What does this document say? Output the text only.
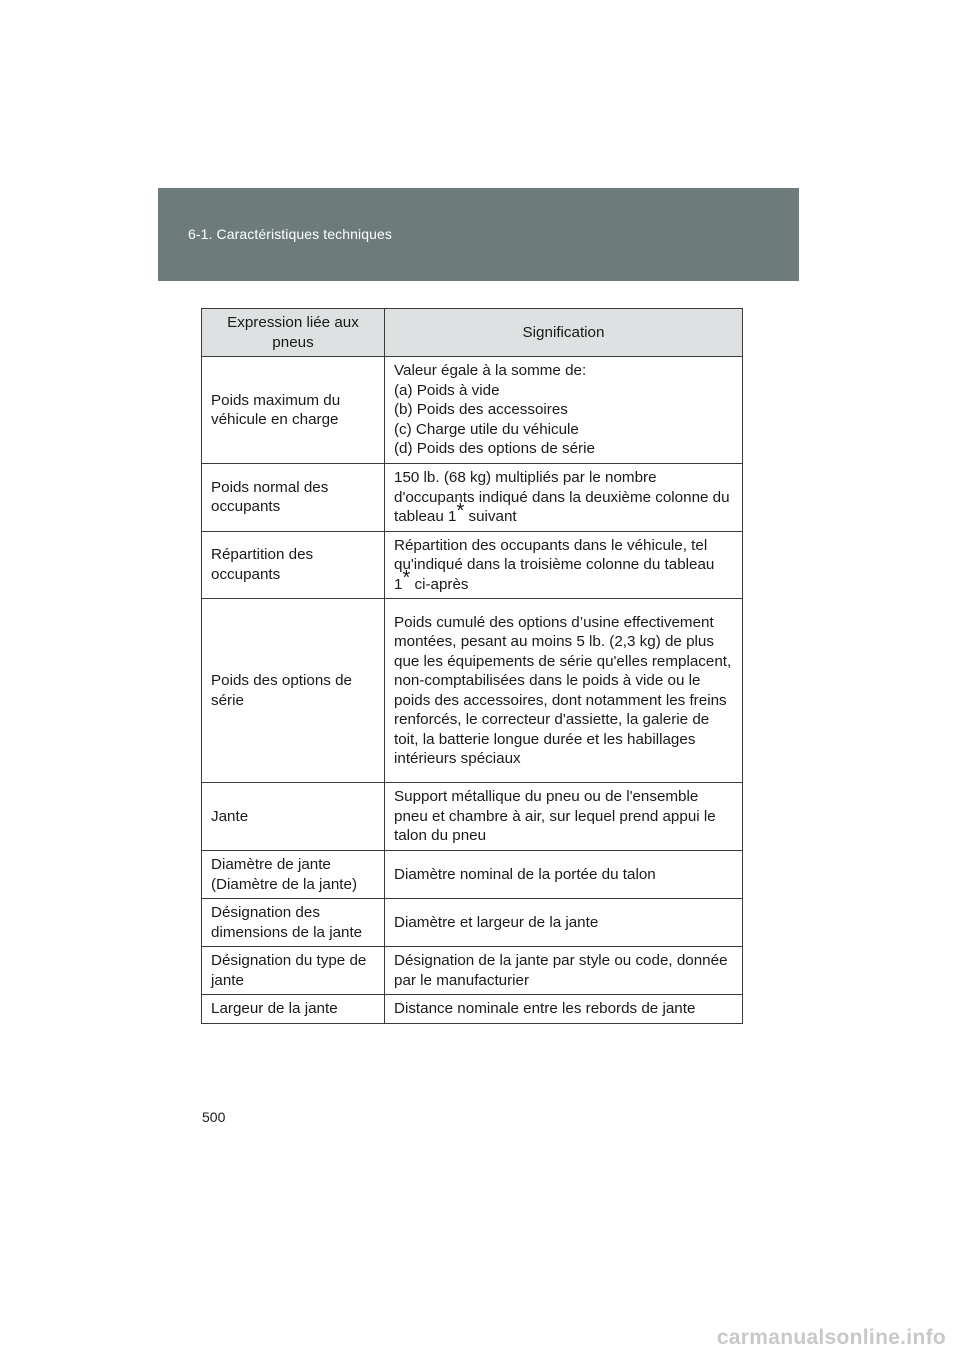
6-1. Caractéristiques techniques
Expression liée aux pneus	Signification
Poids maximum du véhicule en charge	Valeur égale à la somme de:
(a) Poids à vide
(b) Poids des accessoires
(c) Charge utile du véhicule
(d) Poids des options de série

Poids normal des occupants	150 lb. (68 kg) multipliés par le nombre d'occupants indiqué dans la deuxième colonne du tableau 1* suivant
Répartition des occupants	Répartition des occupants dans le véhicule, tel qu'indiqué dans la troisième colonne du tableau 1* ci-après
Poids des options de série	Poids cumulé des options d’usine effectivement montées, pesant au moins 5 lb. (2,3 kg) de plus que les équipements de série qu'elles remplacent, non-comptabilisées dans le poids à vide ou le poids des accessoires, dont notamment les freins renforcés, le correcteur d'assiette, la galerie de toit, la batterie longue durée et les habillages intérieurs spéciaux
Jante	Support métallique du pneu ou de l'ensemble pneu et chambre à air, sur lequel prend appui le talon du pneu
Diamètre de jante (Diamètre de la jante)	Diamètre nominal de la portée du talon
Désignation des dimensions de la jante	Diamètre et largeur de la jante
Désignation du type de jante	Désignation de la jante par style ou code, donnée par le manufacturier
Largeur de la jante	Distance nominale entre les rebords de jante
500
carmanualsonline.info
